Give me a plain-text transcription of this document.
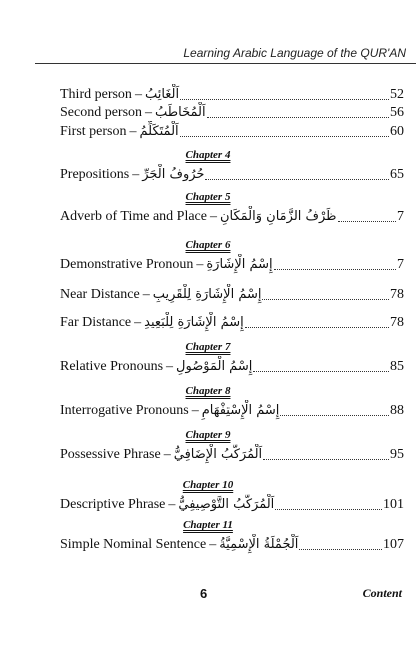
Learning Arabic Language of the QUR'AN
Third person – اَلْغَائِبُ	52
Second person – اَلْمُخَاطَبُ	56
First person – اَلْمُتَكَلِّمُ	60
Chapter 4
Prepositions – حُرُوفُ الْجَرِّ	65
Chapter 5
Adverb of Time and Place – ظَرْفُ الزَّمَانِ وَالْمَكَانِ	7
Chapter 6
Demonstrative Pronoun – إِسْمُ الْإِشَارَةِ	7
Near Distance – إِسْمُ الْإِشَارَةِ لِلْقَرِيبِ	78
Far Distance – إِسْمُ الْإِشَارَةِ لِلْبَعِيدِ	78
Chapter 7
Relative Pronouns – إِسْمُ الْمَوْصُولِ	85
Chapter 8
Interrogative Pronouns – إِسْمُ الْإِسْتِفْهَامِ	88
Chapter 9
Possessive Phrase – اَلْمُرَكَّبُ الْإِضَافِيُّ	95
Chapter 10
Descriptive Phrase – اَلْمُرَكَّبُ التَّوْصِيفِيُّ	101
Chapter 11
Simple Nominal Sentence – اَلْجُمْلَةُ الْإِسْمِيَّةُ	107
6	Content
